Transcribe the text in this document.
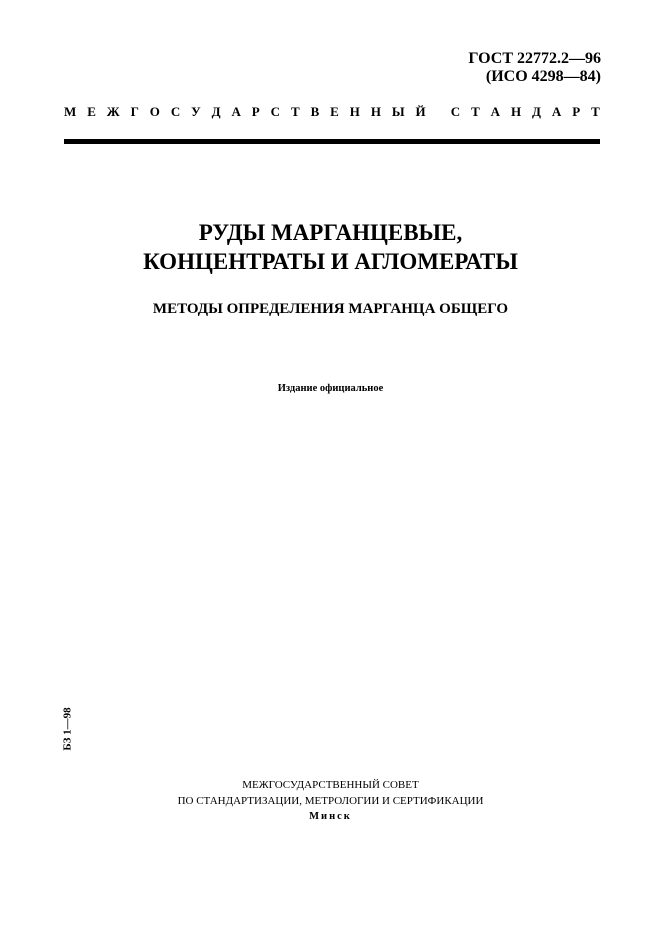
ГОСТ 22772.2—96
(ИСО 4298—84)
М Е Ж Г О С У Д А Р С Т В Е Н Н Ы Й
С Т А Н Д А Р Т
РУДЫ МАРГАНЦЕВЫЕ,
КОНЦЕНТРАТЫ И АГЛОМЕРАТЫ
МЕТОДЫ ОПРЕДЕЛЕНИЯ МАРГАНЦА ОБЩЕГО
Издание официальное
БЗ 1—98
МЕЖГОСУДАРСТВЕННЫЙ СОВЕТ
ПО СТАНДАРТИЗАЦИИ, МЕТРОЛОГИИ И СЕРТИФИКАЦИИ
Минск
